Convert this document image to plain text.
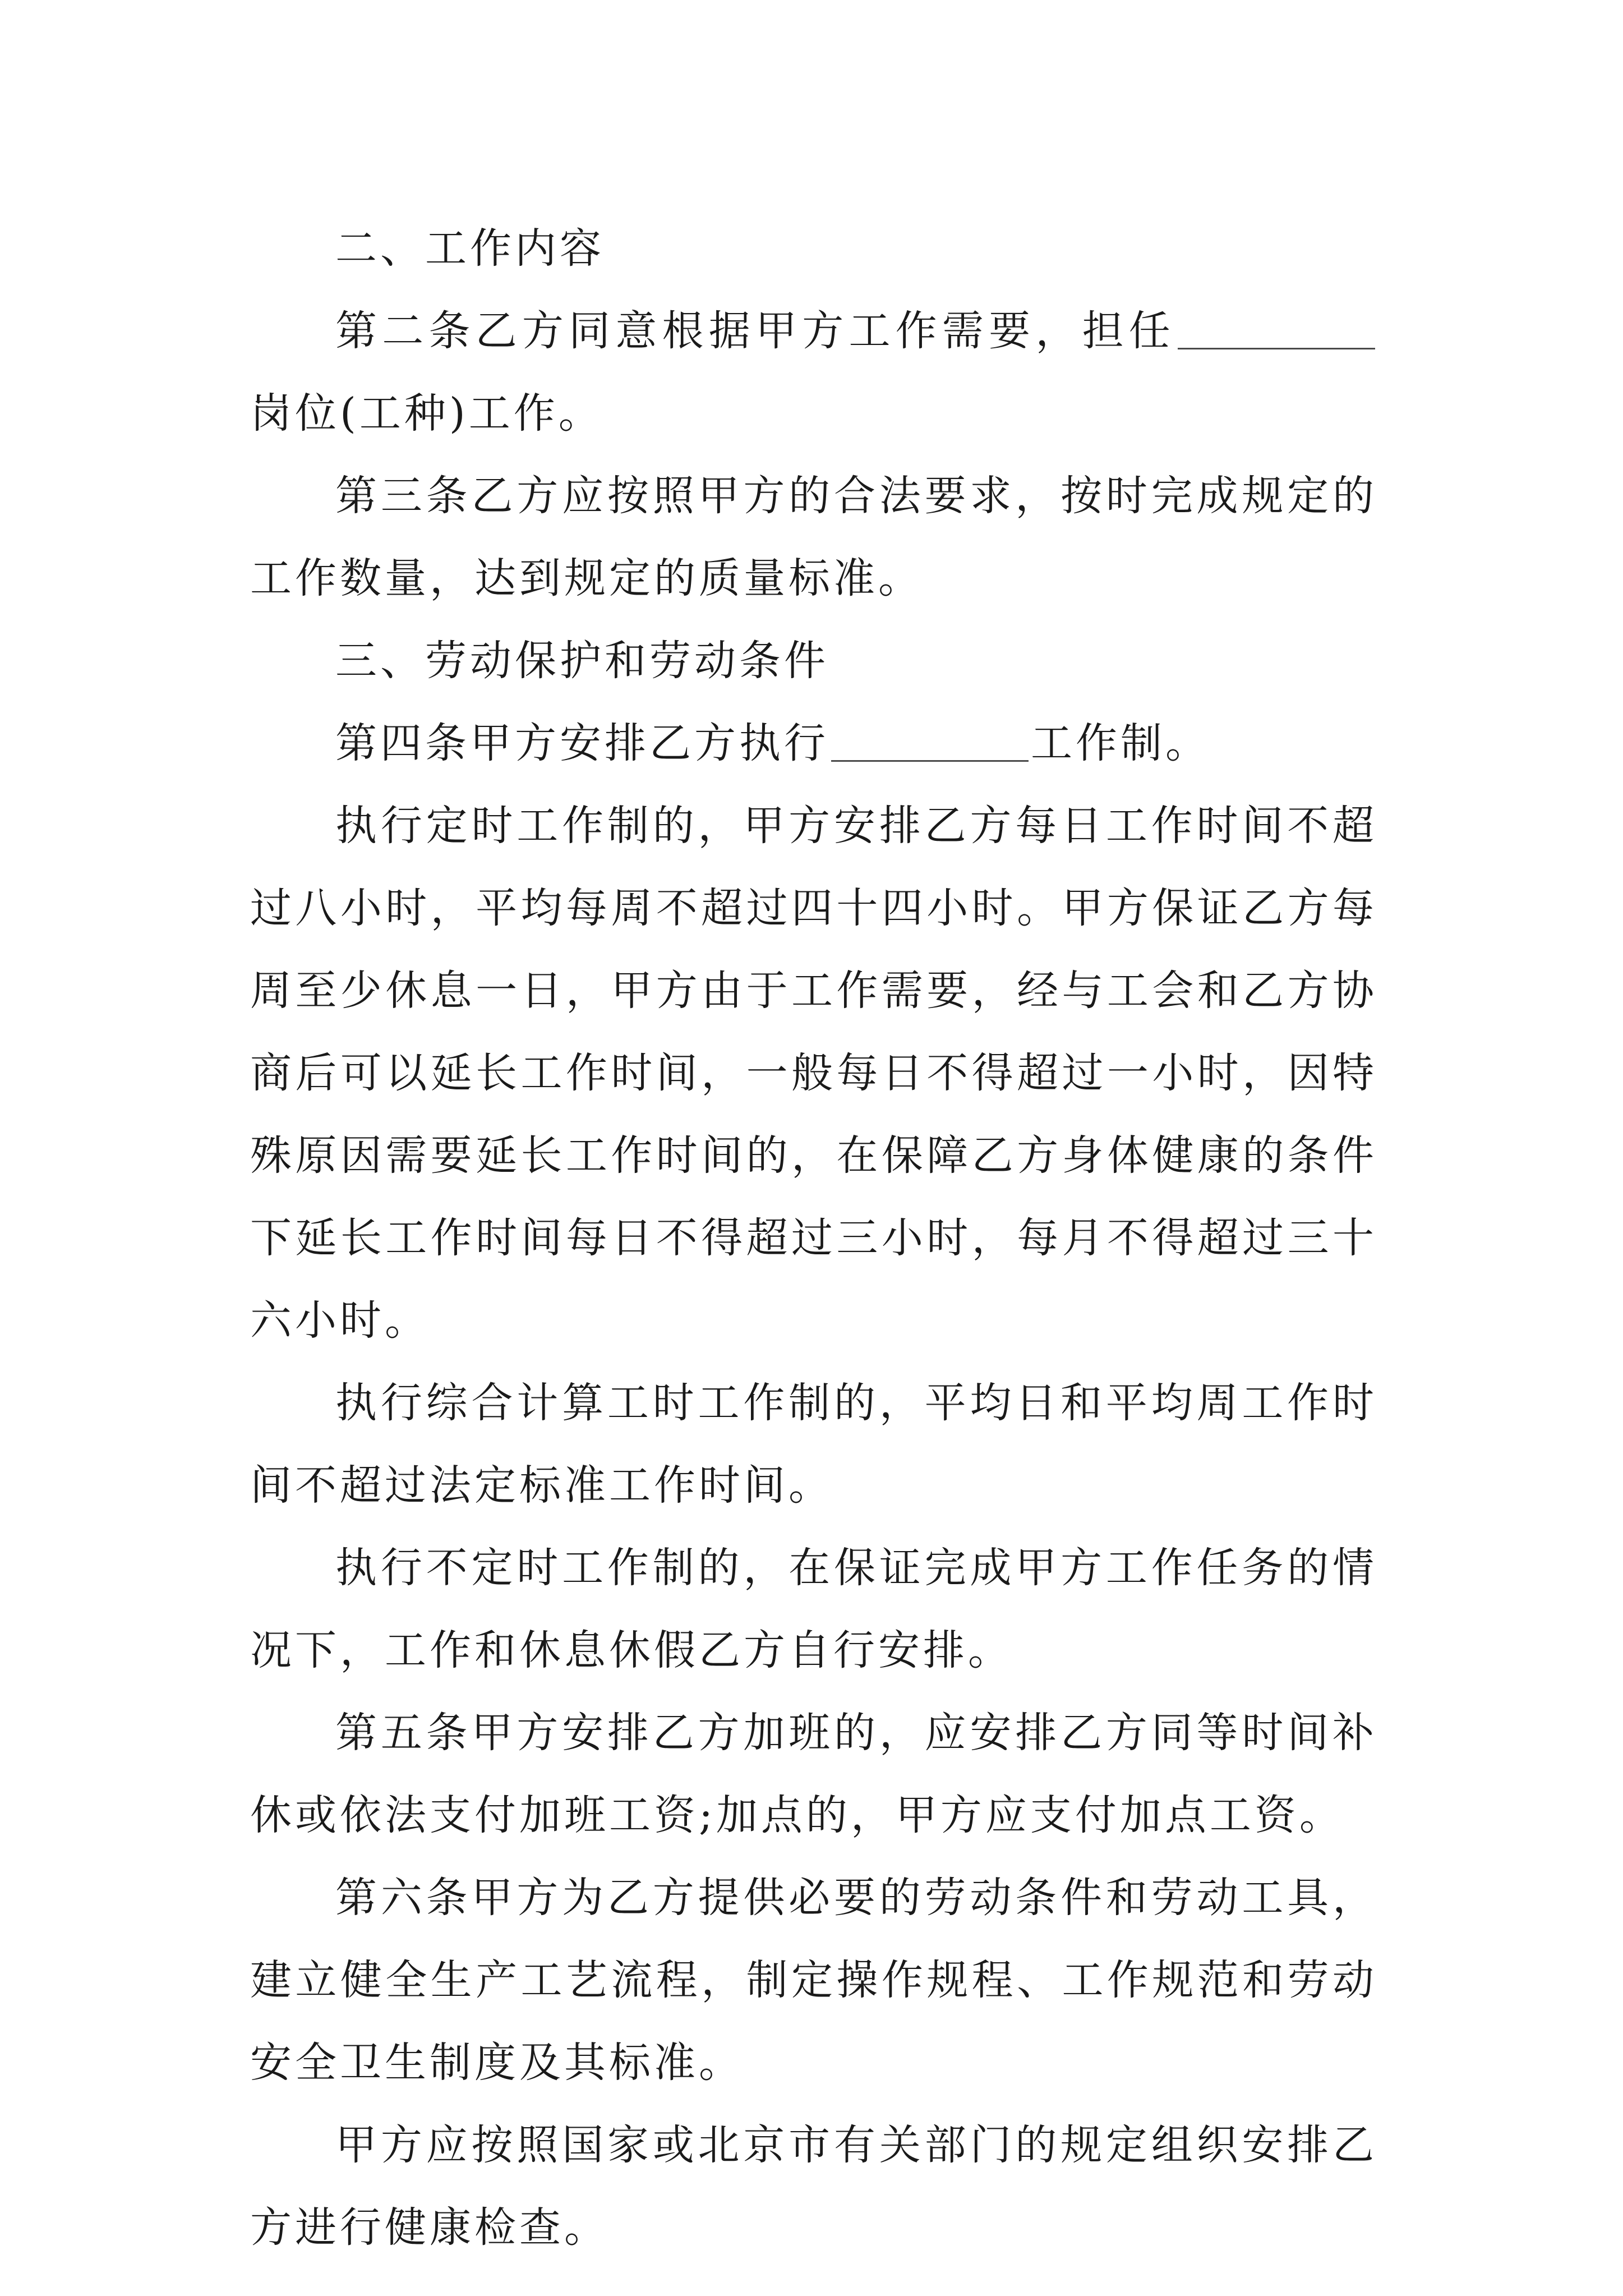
二、工作内容

第二条乙方同意根据甲方工作需要，担任岗位(工种)工作。

第三条乙方应按照甲方的合法要求，按时完成规定的工作数量，达到规定的质量标准。

三、劳动保护和劳动条件

第四条甲方安排乙方执行	工作制。

执行定时工作制的，甲方安排乙方每日工作时间不超过八小时，平均每周不超过四十四小时。甲方保证乙方每周至少休息一日，甲方由于工作需要，经与工会和乙方协商后可以延长工作时间，一般每日不得超过一小时，因特殊原因需要延长工作时间的，在保障乙方身体健康的条件下延长工作时间每日不得超过三小时，每月不得超过三十六小时。

执行综合计算工时工作制的，平均日和平均周工作时间不超过法定标准工作时间。

执行不定时工作制的，在保证完成甲方工作任务的情况下，工作和休息休假乙方自行安排。

第五条甲方安排乙方加班的，应安排乙方同等时间补休或依法支付加班工资;加点的，甲方应支付加点工资。

第六条甲方为乙方提供必要的劳动条件和劳动工具，建立健全生产工艺流程，制定操作规程、工作规范和劳动安全卫生制度及其标准。

甲方应按照国家或北京市有关部门的规定组织安排乙方进行健康检查。
